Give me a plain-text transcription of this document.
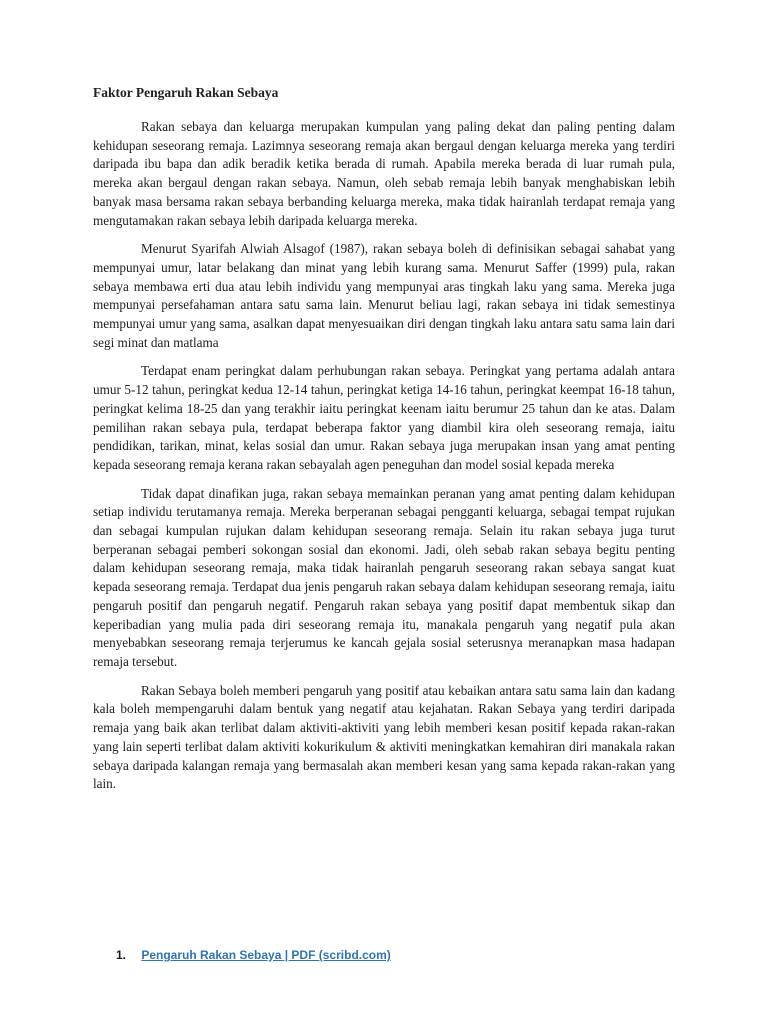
Faktor Pengaruh Rakan Sebaya

Rakan sebaya dan keluarga merupakan kumpulan yang paling dekat dan paling penting dalam kehidupan seseorang remaja. Lazimnya seseorang remaja akan bergaul dengan keluarga mereka yang terdiri daripada ibu bapa dan adik beradik ketika berada di rumah. Apabila mereka berada di luar rumah pula, mereka akan bergaul dengan rakan sebaya. Namun, oleh sebab remaja lebih banyak menghabiskan lebih banyak masa bersama rakan sebaya berbanding keluarga mereka, maka tidak hairanlah terdapat remaja yang mengutamakan rakan sebaya lebih daripada keluarga mereka.

Menurut Syarifah Alwiah Alsagof (1987), rakan sebaya boleh di definisikan sebagai sahabat yang mempunyai umur, latar belakang dan minat yang lebih kurang sama. Menurut Saffer (1999) pula, rakan sebaya membawa erti dua atau lebih individu yang mempunyai aras tingkah laku yang sama. Mereka juga mempunyai persefahaman antara satu sama lain. Menurut beliau lagi, rakan sebaya ini tidak semestinya mempunyai umur yang sama, asalkan dapat menyesuaikan diri dengan tingkah laku antara satu sama lain dari segi minat dan matlama

Terdapat enam peringkat dalam perhubungan rakan sebaya. Peringkat yang pertama adalah antara umur 5-12 tahun, peringkat kedua 12-14 tahun, peringkat ketiga 14-16 tahun, peringkat keempat 16-18 tahun, peringkat kelima 18-25 dan yang terakhir iaitu peringkat keenam iaitu berumur 25 tahun dan ke atas. Dalam pemilihan rakan sebaya pula, terdapat beberapa faktor yang diambil kira oleh seseorang remaja, iaitu pendidikan, tarikan, minat, kelas sosial dan umur. Rakan sebaya juga merupakan insan yang amat penting kepada seseorang remaja kerana rakan sebayalah agen peneguhan dan model sosial kepada mereka

Tidak dapat dinafikan juga, rakan sebaya memainkan peranan yang amat penting dalam kehidupan setiap individu terutamanya remaja. Mereka berperanan sebagai pengganti keluarga, sebagai tempat rujukan dan sebagai kumpulan rujukan dalam kehidupan seseorang remaja. Selain itu rakan sebaya juga turut berperanan sebagai pemberi sokongan sosial dan ekonomi. Jadi, oleh sebab rakan sebaya begitu penting dalam kehidupan seseorang remaja, maka tidak hairanlah pengaruh seseorang rakan sebaya sangat kuat kepada seseorang remaja. Terdapat dua jenis pengaruh rakan sebaya dalam kehidupan seseorang remaja, iaitu pengaruh positif dan pengaruh negatif. Pengaruh rakan sebaya yang positif dapat membentuk sikap dan keperibadian yang mulia pada diri seseorang remaja itu, manakala pengaruh yang negatif pula akan menyebabkan seseorang remaja terjerumus ke kancah gejala sosial seterusnya meranapkan masa hadapan remaja tersebut.

Rakan Sebaya boleh memberi pengaruh yang positif atau kebaikan antara satu sama lain dan kadang kala boleh mempengaruhi dalam bentuk yang negatif atau kejahatan. Rakan Sebaya yang terdiri daripada remaja yang baik akan terlibat dalam aktiviti-aktiviti yang lebih memberi kesan positif kepada rakan-rakan yang lain seperti terlibat dalam aktiviti kokurikulum & aktiviti meningkatkan kemahiran diri manakala rakan sebaya daripada kalangan remaja yang bermasalah akan memberi kesan yang sama kepada rakan-rakan yang lain.

1. Pengaruh Rakan Sebaya | PDF (scribd.com)
